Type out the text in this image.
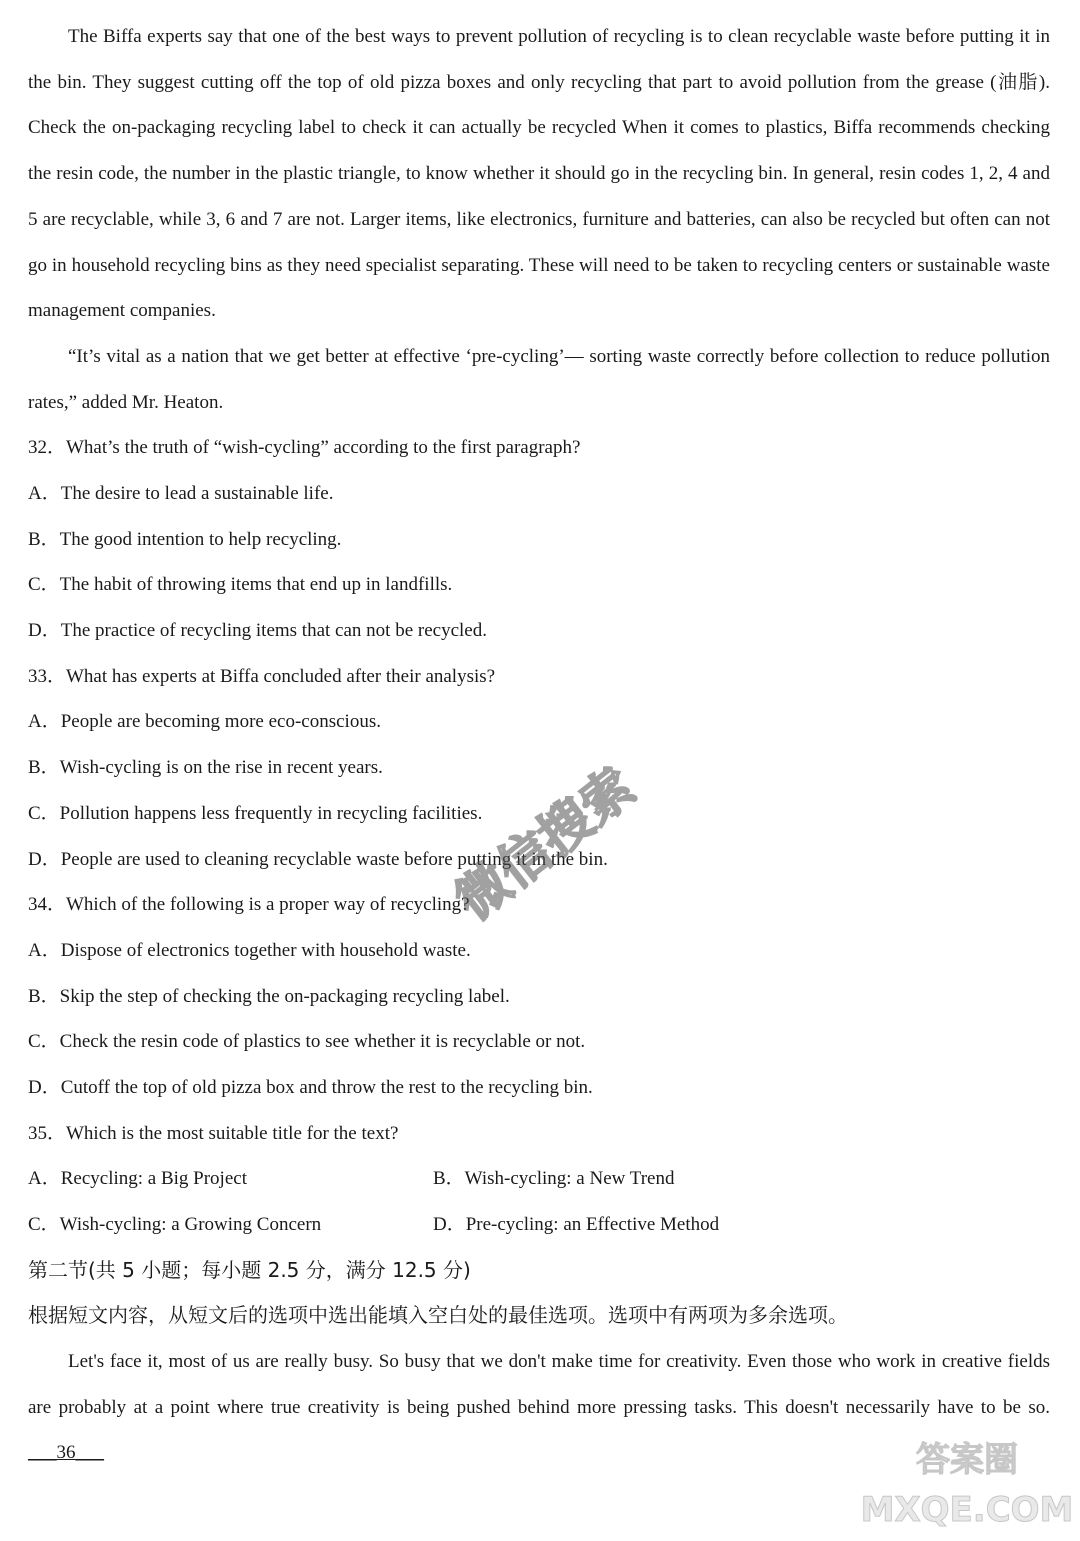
The Biffa experts say that one of the best ways to prevent pollution of recycling is to clean recyclable waste before putting it in the bin. They suggest cutting off the top of old pizza boxes and only recycling that part to avoid pollution from the grease (油脂). Check the on-packaging recycling label to check it can actually be recycled When it comes to plastics, Biffa recommends checking the resin code, the number in the plastic triangle, to know whether it should go in the recycling bin. In general, resin codes 1, 2, 4 and 5 are recyclable, while 3, 6 and 7 are not. Larger items, like electronics, furniture and batteries, can also be recycled but often can not go in household recycling bins as they need specialist separating. These will need to be taken to recycling centers or sustainable waste management companies.

“It’s vital as a nation that we get better at effective ‘pre-cycling’— sorting waste correctly before collection to reduce pollution rates,” added Mr. Heaton.

32．What’s the truth of “wish-cycling” according to the first paragraph?
A．The desire to lead a sustainable life.
B．The good intention to help recycling.
C．The habit of throwing items that end up in landfills.
D．The practice of recycling items that can not be recycled.
33．What has experts at Biffa concluded after their analysis?
A．People are becoming more eco-conscious.
B．Wish-cycling is on the rise in recent years.
C．Pollution happens less frequently in recycling facilities.
D．People are used to cleaning recyclable waste before putting it in the bin.
34．Which of the following is a proper way of recycling?
A．Dispose of electronics together with household waste.
B．Skip the step of checking the on-packaging recycling label.
C．Check the resin code of plastics to see whether it is recyclable or not.
D．Cutoff the top of old pizza box and throw the rest to the recycling bin.
35．Which is the most suitable title for the text?
A．Recycling: a Big Project	B．Wish-cycling: a New Trend
C．Wish-cycling: a Growing Concern	D．Pre-cycling: an Effective Method
第二节(共 5 小题；每小题 2.5 分，满分 12.5 分)
根据短文内容，从短文后的选项中选出能填入空白处的最佳选项。选项中有两项为多余选项。

Let's face it, most of us are really busy. So busy that we don't make time for creativity. Even those who work in creative fields are probably at a point where true creativity is being pushed behind more pressing tasks. This doesn't necessarily have to be so. ___36___

微信搜索
答案圈
MXQE.COM
